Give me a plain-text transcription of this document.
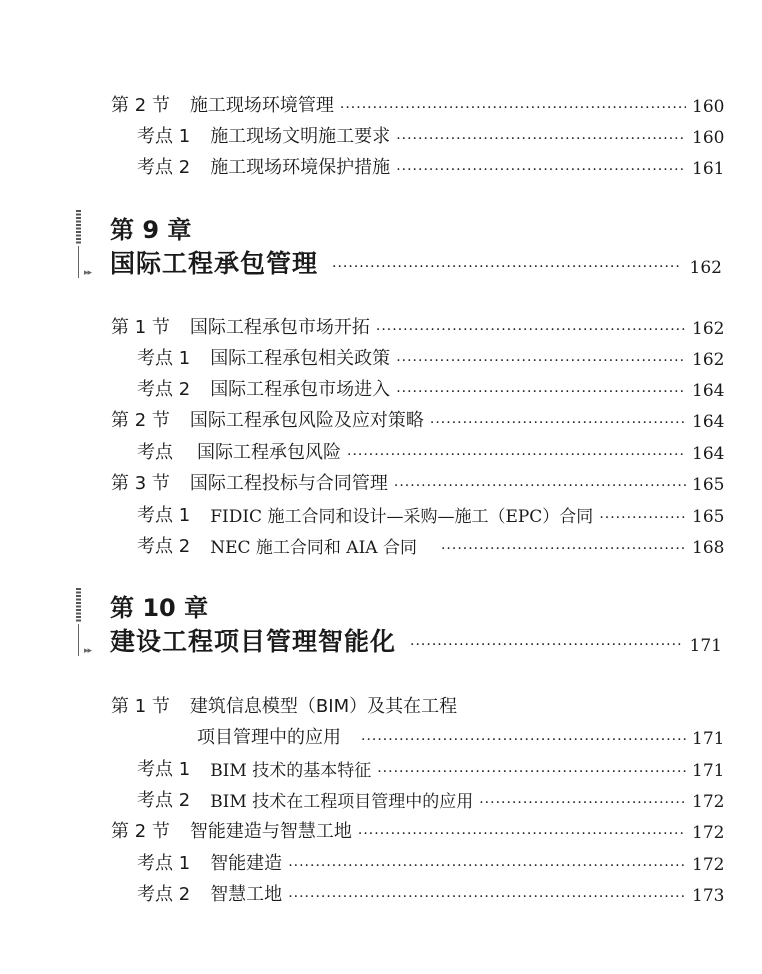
第 2 节 施工现场环境管理 ·····	160
考点 1 施工现场文明施工要求 ·····	160
考点 2 施工现场环境保护措施 ·····	161
▸▸
第 9 章
国际工程承包管理 ·····	162
第 1 节 国际工程承包市场开拓 ·····	162
考点 1 国际工程承包相关政策 ·····	162
考点 2 国际工程承包市场进入 ·····	164
第 2 节 国际工程承包风险及应对策略 ·····	164
考点 国际工程承包风险 ·····	164
第 3 节 国际工程投标与合同管理 ·····	165
考点 1 FIDIC 施工合同和设计—采购—施工（EPC）合同 ·····	165
考点 2 NEC 施工合同和 AIA 合同 ·····	168
▸▸
第 10 章
建设工程项目管理智能化 ·····	171
第 1 节 建筑信息模型（BIM）及其在工程
项目管理中的应用 ·····	171
考点 1 BIM 技术的基本特征 ·····	171
考点 2 BIM 技术在工程项目管理中的应用 ·····	172
第 2 节 智能建造与智慧工地 ·····	172
考点 1 智能建造 ·····	172
考点 2 智慧工地 ·····	173
